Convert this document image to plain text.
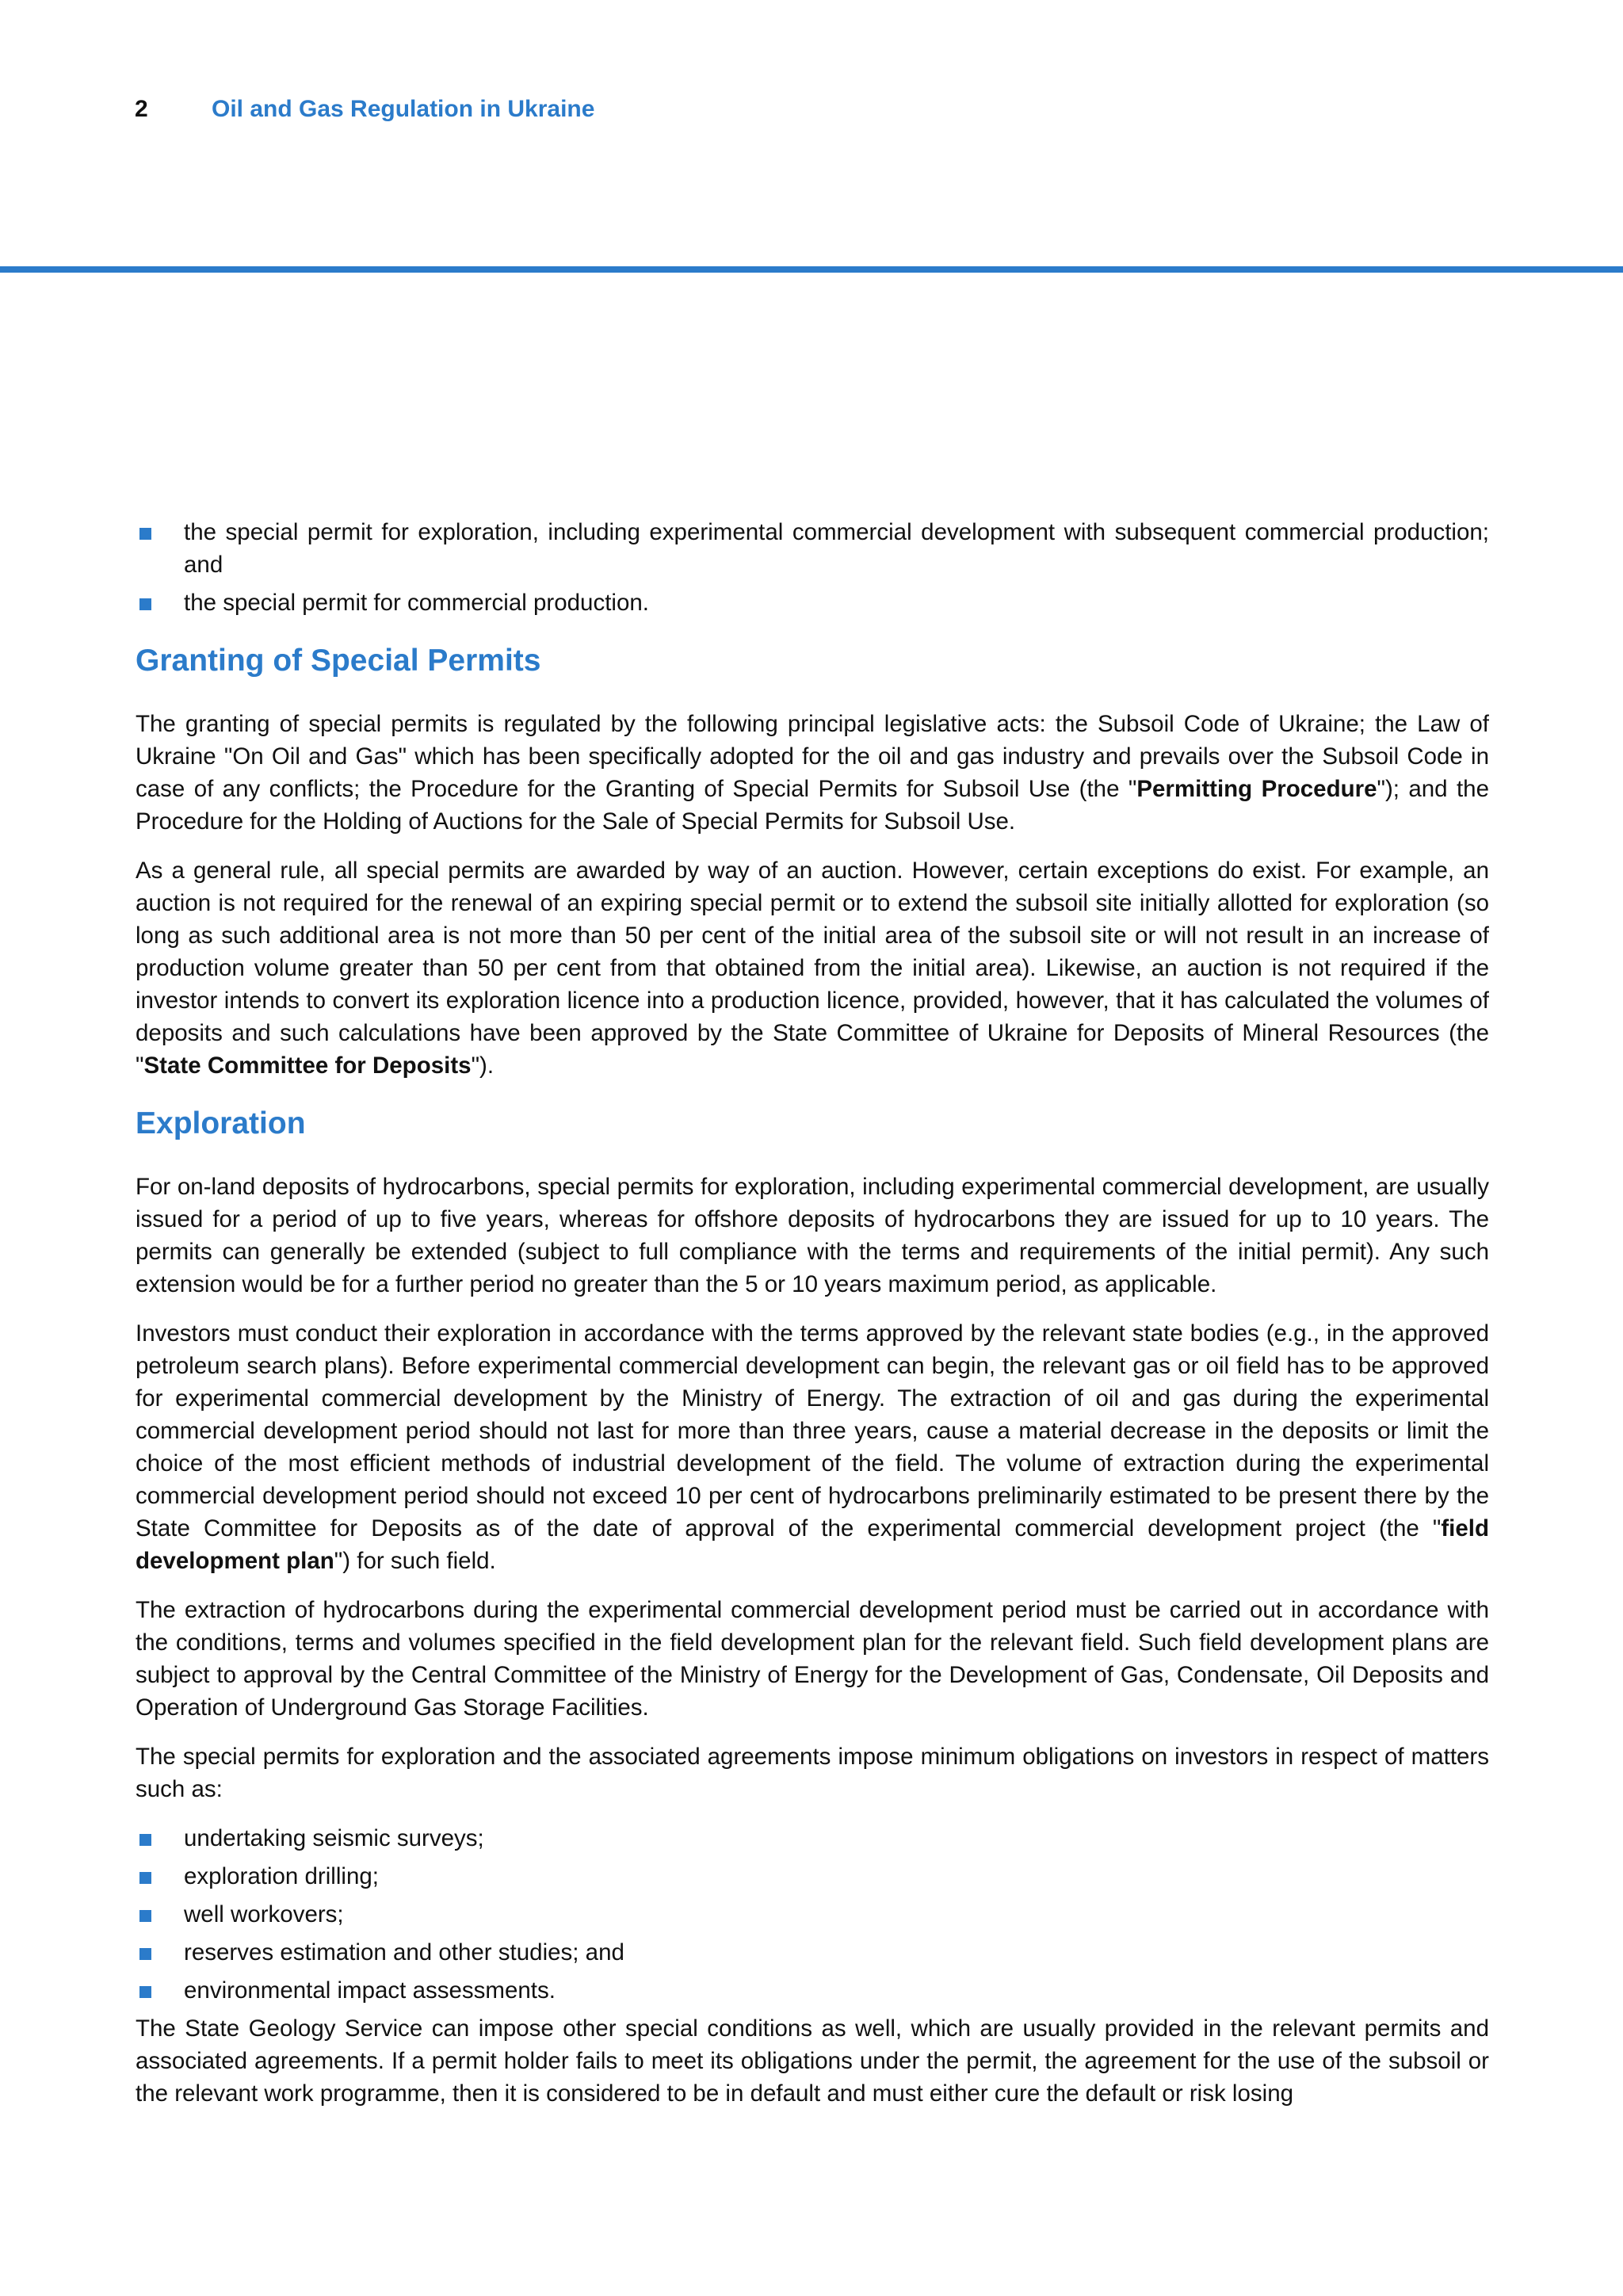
2	Oil and Gas Regulation in Ukraine
the special permit for exploration, including experimental commercial development with subsequent commercial production; and
the special permit for commercial production.
Granting of Special Permits

The granting of special permits is regulated by the following principal legislative acts: the Subsoil Code of Ukraine; the Law of Ukraine "On Oil and Gas" which has been specifically adopted for the oil and gas industry and prevails over the Subsoil Code in case of any conflicts; the Procedure for the Granting of Special Permits for Subsoil Use (the "Permitting Procedure"); and the Procedure for the Holding of Auctions for the Sale of Special Permits for Subsoil Use.

As a general rule, all special permits are awarded by way of an auction. However, certain exceptions do exist. For example, an auction is not required for the renewal of an expiring special permit or to extend the subsoil site initially allotted for exploration (so long as such additional area is not more than 50 per cent of the initial area of the subsoil site or will not result in an increase of production volume greater than 50 per cent from that obtained from the initial area). Likewise, an auction is not required if the investor intends to convert its exploration licence into a production licence, provided, however, that it has calculated the volumes of deposits and such calculations have been approved by the State Committee of Ukraine for Deposits of Mineral Resources (the "State Committee for Deposits").

Exploration

For on-land deposits of hydrocarbons, special permits for exploration, including experimental commercial development, are usually issued for a period of up to five years, whereas for offshore deposits of hydrocarbons they are issued for up to 10 years. The permits can generally be extended (subject to full compliance with the terms and requirements of the initial permit). Any such extension would be for a further period no greater than the 5 or 10 years maximum period, as applicable.

Investors must conduct their exploration in accordance with the terms approved by the relevant state bodies (e.g., in the approved petroleum search plans). Before experimental commercial development can begin, the relevant gas or oil field has to be approved for experimental commercial development by the Ministry of Energy. The extraction of oil and gas during the experimental commercial development period should not last for more than three years, cause a material decrease in the deposits or limit the choice of the most efficient methods of industrial development of the field. The volume of extraction during the experimental commercial development period should not exceed 10 per cent of hydrocarbons preliminarily estimated to be present there by the State Committee for Deposits as of the date of approval of the experimental commercial development project (the "field development plan") for such field.

The extraction of hydrocarbons during the experimental commercial development period must be carried out in accordance with the conditions, terms and volumes specified in the field development plan for the relevant field. Such field development plans are subject to approval by the Central Committee of the Ministry of Energy for the Development of Gas, Condensate, Oil Deposits and Operation of Underground Gas Storage Facilities.

The special permits for exploration and the associated agreements impose minimum obligations on investors in respect of matters such as:

undertaking seismic surveys;
exploration drilling;
well workovers;
reserves estimation and other studies; and
environmental impact assessments.

The State Geology Service can impose other special conditions as well, which are usually provided in the relevant permits and associated agreements. If a permit holder fails to meet its obligations under the permit, the agreement for the use of the subsoil or the relevant work programme, then it is considered to be in default and must either cure the default or risk losing
